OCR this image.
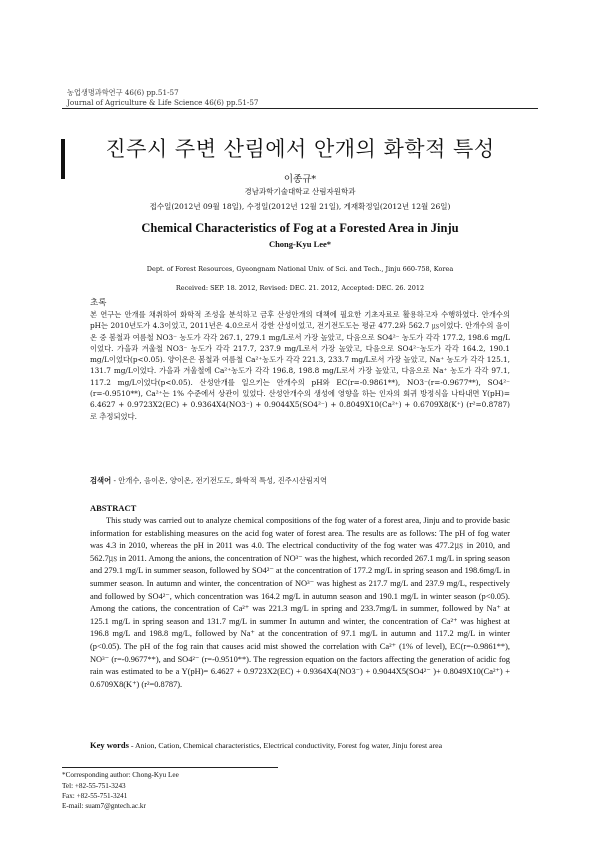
농업생명과학연구 46(6) pp.51-57
Journal of Agriculture & Life Science 46(6) pp.51-57
진주시 주변 산림에서 안개의 화학적 특성
이종규*
경남과학기술대학교 산림자원학과
접수일(2012년 09월 18일), 수정일(2012년 12월 21일), 게재확정일(2012년 12월 26일)
Chemical Characteristics of Fog at a Forested Area in Jinju
Chong-Kyu Lee*
Dept. of Forest Resources, Gyeongnam National Univ. of Sci. and Tech., Jinju 660-758, Korea
Received: SEP. 18. 2012, Revised: DEC. 21. 2012, Accepted: DEC. 26. 2012
초록
본 연구는 안개를 채취하여 화학적 조성을 분석하고 금후 산성안개의 대책에 필요한 기초자료로 활용하고자 수행하였다. 안개수의 pH는 2010년도가 4.3이었고, 2011년은 4.0으로서 강한 산성이었고, 전기전도도는 평균 477.2와 562.7 ㎲이었다. 안개수의 음이온 중 봄철과 여름철 NO3⁻ 농도가 각각 267.1, 279.1 mg/L로서 가장 높았고, 다음으로 SO4²⁻ 농도가 각각 177.2, 198.6 mg/L이었다. 가을과 겨울철 NO3⁻ 농도가 각각 217.7, 237.9 mg/L로서 가장 높았고, 다음으로 SO4²⁻농도가 각각 164.2, 190.1 mg/L이었다(p<0.05). 양이온은 봄철과 여름철 Ca²⁺농도가 각각 221.3, 233.7 mg/L로서 가장 높았고, Na⁺ 농도가 각각 125.1, 131.7 mg/L이었다. 가을과 겨울철에 Ca²⁺농도가 각각 196.8, 198.8 mg/L로서 가장 높았고, 다음으로 Na⁺ 농도가 각각 97.1, 117.2 mg/L이었다(p<0.05). 산성안개를 일으키는 안개수의 pH와 EC(r=-0.9861**), NO3⁻(r=-0.9677**), SO4²⁻ (r=-0.9510**), Ca²⁺는 1% 수준에서 상관이 있었다. 산성안개수의 생성에 영향을 하는 인자의 회귀 방정식을 나타내면 Y(pH)= 6.4627 + 0.9723X2(EC) + 0.9364X4(NO3⁻) + 0.9044X5(SO4²⁻) + 0.8049X10(Ca²⁺) + 0.6709X8(K⁺) (r²=0.8787)로 추정되었다.
검색어 - 안개수, 음이온, 양이온, 전기전도도, 화학적 특성, 진주시산림지역
ABSTRACT
This study was carried out to analyze chemical compositions of the fog water of a forest area, Jinju and to provide basic information for establishing measures on the acid fog water of forest area. The results are as follows: The pH of fog water was 4.3 in 2010, whereas the pH in 2011 was 4.0. The electrical conductivity of the fog water was 477.2㎲ in 2010, and 562.7㎲ in 2011. Among the anions, the concentration of NO³⁻ was the highest, which recorded 267.1 mg/L in spring season and 279.1 mg/L in summer season, followed by SO4²⁻ at the concentration of 177.2 mg/L in spring season and 198.6mg/L in summer season. In autumn and winter, the concentration of NO³⁻ was highest as 217.7 mg/L and 237.9 mg/L, respectively and followed by SO4²⁻, which concentration was 164.2 mg/L in autumn season and 190.1 mg/L in winter season (p<0.05). Among the cations, the concentration of Ca²⁺ was 221.3 mg/L in spring and 233.7mg/L in summer, followed by Na⁺ at 125.1 mg/L in spring season and 131.7 mg/L in summer In autumn and winter, the concentration of Ca²⁺ was highest at 196.8 mg/L and 198.8 mg/L, followed by Na⁺ at the concentration of 97.1 mg/L in autumn and 117.2 mg/L in winter (p<0.05). The pH of the fog rain that causes acid mist showed the correlation with Ca²⁺ (1% of level), EC(r=-0.9861**), NO³⁻ (r=-0.9677**), and SO4²⁻ (r=-0.9510**). The regression equation on the factors affecting the generation of acidic fog rain was estimated to be a Y(pH)= 6.4627 + 0.9723X2(EC) + 0.9364X4(NO3⁻) + 0.9044X5(SO4²⁻ )+ 0.8049X10(Ca²⁺) + 0.6709X8(K⁺) (r²=0.8787).
Key words - Anion, Cation, Chemical characteristics, Electrical conductivity, Forest fog water, Jinju forest area
*Corresponding author: Chong-Kyu Lee
Tel: +82-55-751-3243
Fax: +82-55-751-3241
E-mail: suam7@gntech.ac.kr
